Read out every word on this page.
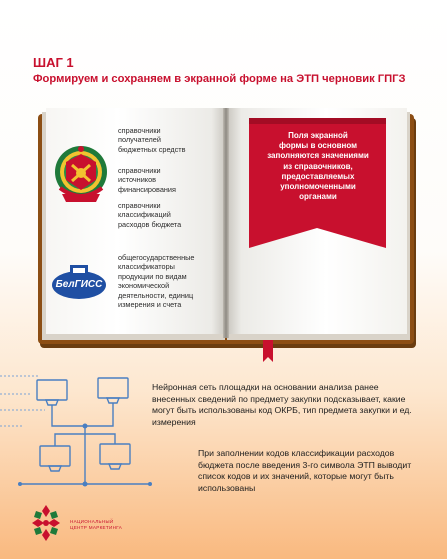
ШАГ 1
Формируем и сохраняем в экранной форме на ЭТП черновик ГПГЗ
справочники
получателей
бюджетных средств
справочники
источников
финансирования
справочники
классификаций
расходов бюджета
общегосударственные
классификаторы
продукции по видам
экономической
деятельности, единиц
измерения и счета
БелГИСС
Поля экранной
формы в основном
заполняются значениями
из справочников,
предоставляемых
уполномоченными
органами
Нейронная сеть площадки на основании анализа ранее внесенных сведений по предмету закупки подсказывает, какие могут быть использованы код ОКРБ, тип предмета закупки и ед. измерения
При заполнении кодов классификации расходов бюджета после введения 3-го символа ЭТП выводит список кодов и их значений, которые могут быть использованы
НАЦИОНАЛЬНЫЙ
ЦЕНТР МАРКЕТИНГА
